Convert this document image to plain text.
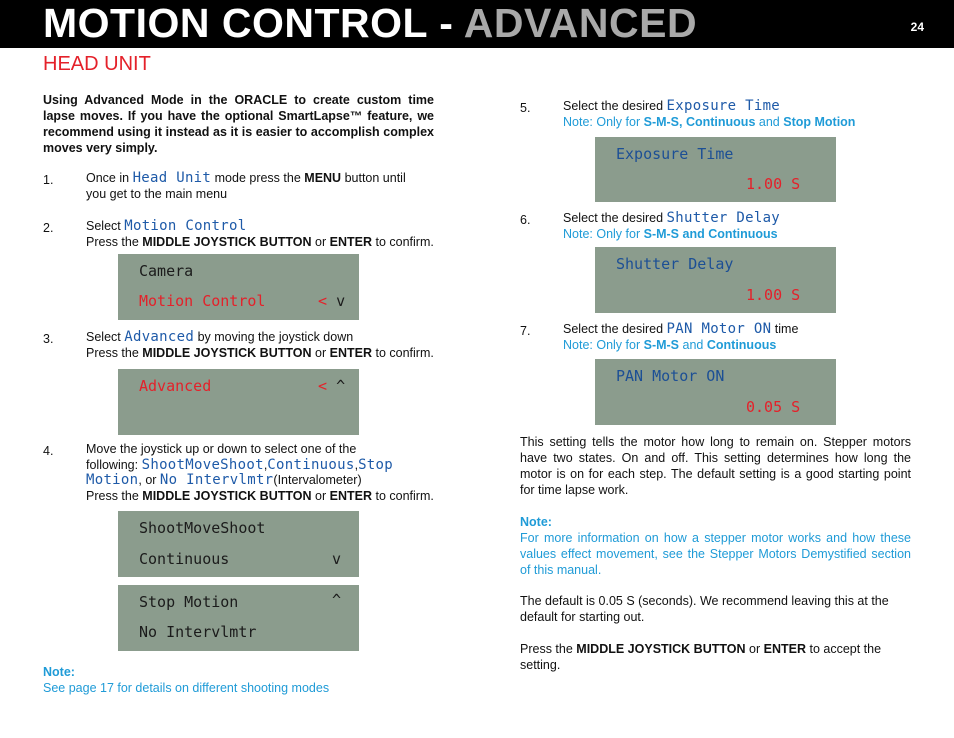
MOTION CONTROL - ADVANCED	24
HEAD UNIT
Using Advanced Mode in the ORACLE to create custom time lapse moves. If you have the optional SmartLapse™ feature, we recommend using it instead as it is easier to accomplish complex moves very simply.
1.	Once in Head Unit mode press the MENU button until
you get to the main menu
2.	Select Motion Control
Press the MIDDLE JOYSTICK BUTTON or ENTER to confirm.
Camera
Motion Control	< v
3.	Select Advanced by moving the joystick down
Press the MIDDLE JOYSTICK BUTTON or ENTER to confirm.
Advanced	< ^
4.	Move the joystick up or down to select one of the
following: ShootMoveShoot,Continuous,Stop
Motion, or No Intervlmtr(Intervalometer)
Press the MIDDLE JOYSTICK BUTTON or ENTER to confirm.
ShootMoveShoot
Continuous	v
Stop Motion
No Intervlmtr
^
Note:
See page 17 for details on different shooting modes
5.	Select the desired Exposure Time
Note: Only for S-M-S, Continuous and Stop Motion
Exposure Time
1.00 S
6.	Select the desired Shutter Delay
Note: Only for S-M-S and Continuous
Shutter Delay
1.00 S
7.	Select the desired PAN Motor ON time
Note: Only for S-M-S and Continuous
PAN Motor ON
0.05 S
This setting tells the motor how long to remain on. Stepper motors have two states. On and off. This setting determines how long the motor is on for each step. The default setting is a good starting point for time lapse work.
Note:
For more information on how a stepper motor works and how these values effect movement, see the Stepper Motors Demystified section of this manual.
The default is 0.05 S (seconds). We recommend leaving this at the default for starting out.
Press the MIDDLE JOYSTICK BUTTON or ENTER to accept the setting.
